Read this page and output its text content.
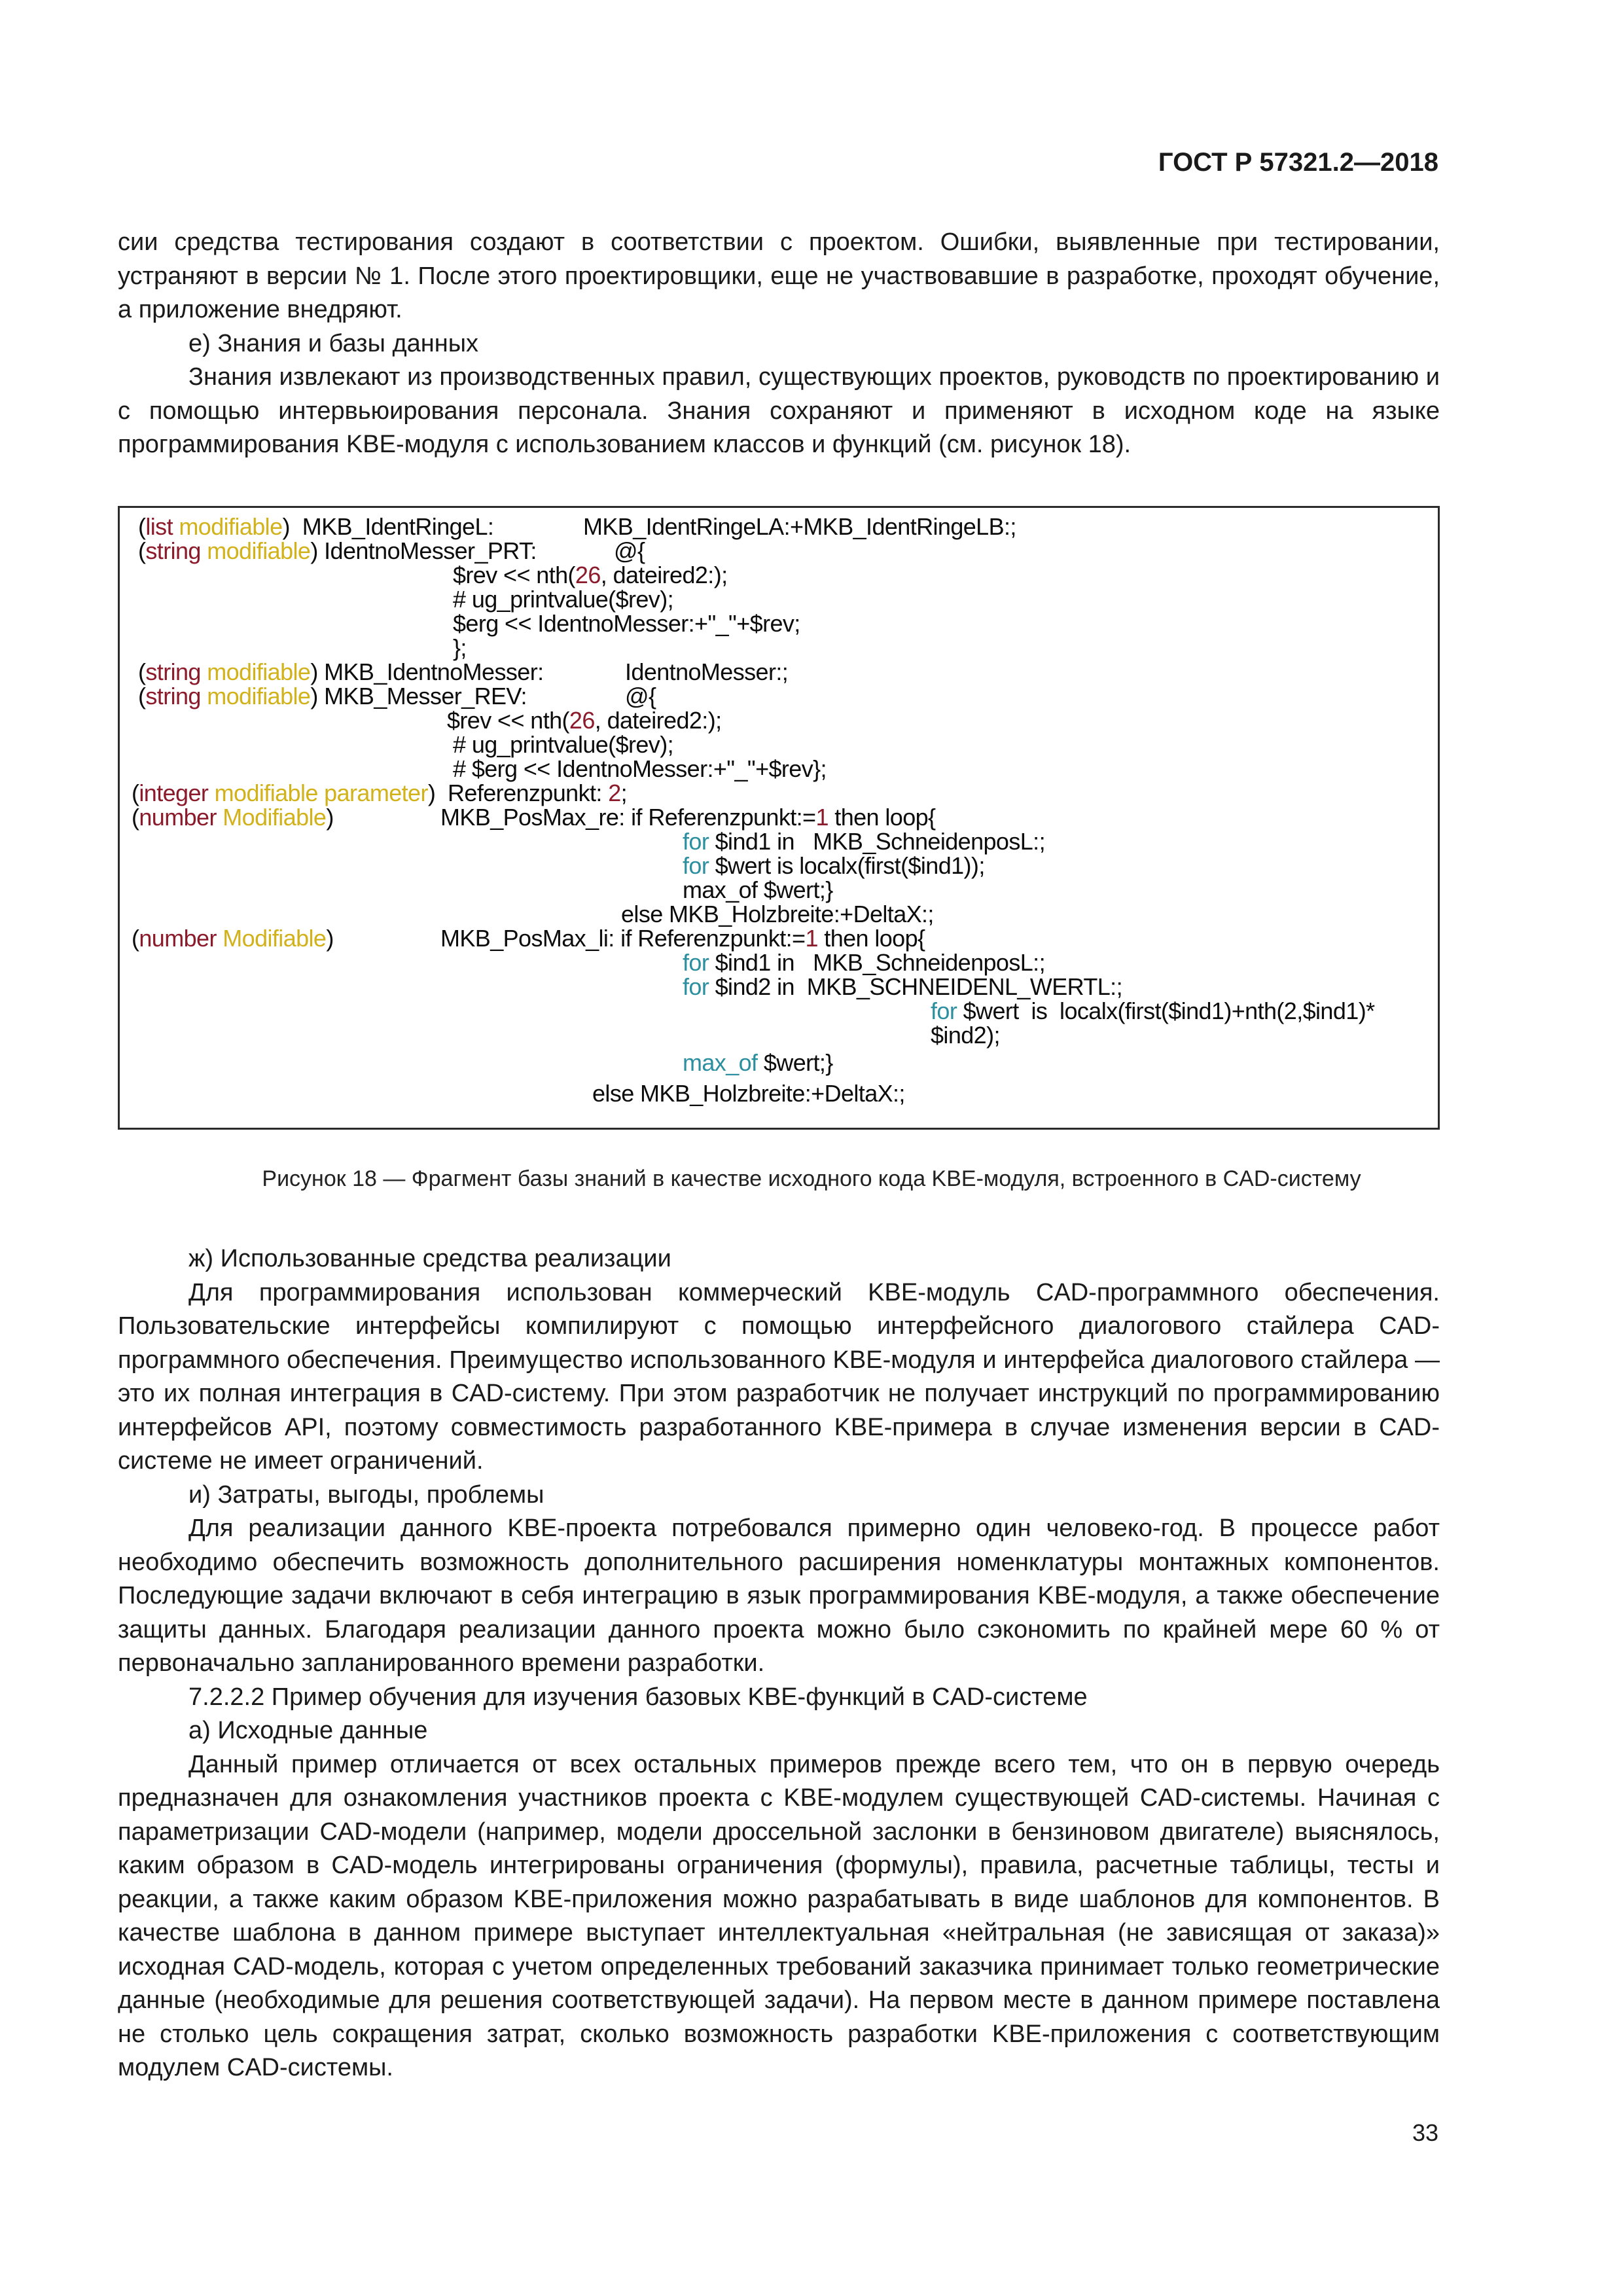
ГОСТ Р 57321.2—2018

сии средства тестирования создают в соответствии с проектом. Ошибки, выявленные при тестировании, устраняют в версии № 1. После этого проектировщики, еще не участвовавшие в разработке, проходят обучение, а приложение внедряют.

е) Знания и базы данных

Знания извлекают из производственных правил, существующих проектов, руководств по проектированию и с помощью интервьюирования персонала. Знания сохраняют и применяют в исходном коде на языке программирования KBE-модуля с использованием классов и функций (см. рисунок 18).

(list modifiable)  MKB_IdentRingeL:	MKB_IdentRingeLA:+MKB_IdentRingeLB:;
(string modifiable) IdentnoMesser_PRT:	@{
$rev << nth(26, dateired2:);
# ug_printvalue($rev);
$erg << IdentnoMesser:+"_"+$rev;
};
(string modifiable) MKB_IdentnoMesser:	IdentnoMesser:;
(string modifiable) MKB_Messer_REV:	@{
$rev << nth(26, dateired2:);
# ug_printvalue($rev);
# $erg << IdentnoMesser:+"_"+$rev};
(integer modifiable parameter)  Referenzpunkt: 2;
(number Modifiable)	MKB_PosMax_re: if Referenzpunkt:=1 then loop{
for $ind1 in   MKB_SchneidenposL:;
for $wert is localx(first($ind1));
max_of $wert;}
else MKB_Holzbreite:+DeltaX:;
(number Modifiable)	MKB_PosMax_li: if Referenzpunkt:=1 then loop{
for $ind1 in   MKB_SchneidenposL:;
for $ind2 in  MKB_SCHNEIDENL_WERTL:;
for $wert  is  localx(first($ind1)+nth(2,$ind1)*
$ind2);
max_of $wert;}
else MKB_Holzbreite:+DeltaX:;
Рисунок 18 — Фрагмент базы знаний в качестве исходного кода KBE-модуля, встроенного в CAD-систему

ж) Использованные средства реализации

Для программирования использован коммерческий KBE-модуль CAD-программного обеспечения. Пользовательские интерфейсы компилируют с помощью интерфейсного диалогового стайлера CAD-программного обеспечения. Преимущество использованного KBE-модуля и интерфейса диалогового стайлера — это их полная интеграция в CAD-систему. При этом разработчик не получает инструкций по программированию интерфейсов API, поэтому совместимость разработанного KBE-примера в случае изменения версии в CAD-системе не имеет ограничений.

и) Затраты, выгоды, проблемы

Для реализации данного KBE-проекта потребовался примерно один человеко-год. В процессе работ необходимо обеспечить возможность дополнительного расширения номенклатуры монтажных компонентов. Последующие задачи включают в себя интеграцию в язык программирования KBE-модуля, а также обеспечение защиты данных. Благодаря реализации данного проекта можно было сэкономить по крайней мере 60 % от первоначально запланированного времени разработки.

7.2.2.2 Пример обучения для изучения базовых KBE-функций в CAD-системе

а) Исходные данные

Данный пример отличается от всех остальных примеров прежде всего тем, что он в первую очередь предназначен для ознакомления участников проекта с KBE-модулем существующей CAD-системы. Начиная с параметризации CAD-модели (например, модели дроссельной заслонки в бензиновом двигателе) выяснялось, каким образом в CAD-модель интегрированы ограничения (формулы), правила, расчетные таблицы, тесты и реакции, а также каким образом KBE-приложения можно разрабатывать в виде шаблонов для компонентов. В качестве шаблона в данном примере выступает интеллектуальная «нейтральная (не зависящая от заказа)» исходная CAD-модель, которая с учетом определенных требований заказчика принимает только геометрические данные (необходимые для решения соответствующей задачи). На первом месте в данном примере поставлена не столько цель сокращения затрат, сколько возможность разработки KBE-приложения с соответствующим модулем CAD-системы.

33
